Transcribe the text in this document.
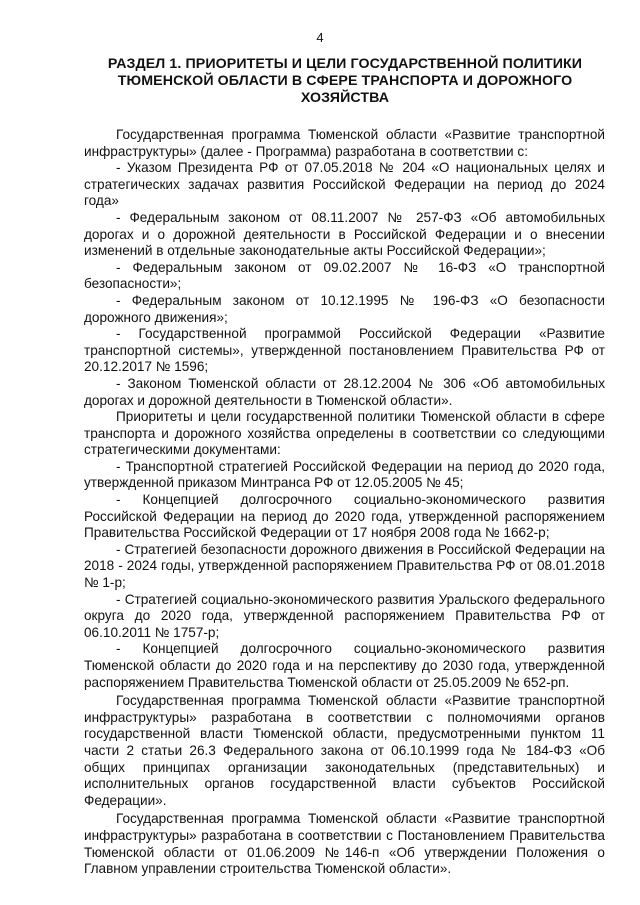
4
РАЗДЕЛ 1. ПРИОРИТЕТЫ И ЦЕЛИ ГОСУДАРСТВЕННОЙ ПОЛИТИКИ ТЮМЕНСКОЙ ОБЛАСТИ В СФЕРЕ ТРАНСПОРТА И ДОРОЖНОГО ХОЗЯЙСТВА

Государственная программа Тюменской области «Развитие транспортной инфраструктуры» (далее - Программа) разработана в соответствии с:

- Указом Президента РФ от 07.05.2018 № 204 «О национальных целях и стратегических задачах развития Российской Федерации на период до 2024 года»

- Федеральным законом от 08.11.2007 № 257-ФЗ «Об автомобильных дорогах и о дорожной деятельности в Российской Федерации и о внесении изменений в отдельные законодательные акты Российской Федерации»;

- Федеральным законом от 09.02.2007 № 16-ФЗ «О транспортной безопасности»;

- Федеральным законом от 10.12.1995 № 196-ФЗ «О безопасности дорожного движения»;

- Государственной программой Российской Федерации «Развитие транспортной системы», утвержденной постановлением Правительства РФ от 20.12.2017 № 1596;

- Законом Тюменской области от 28.12.2004 № 306 «Об автомобильных дорогах и дорожной деятельности в Тюменской области».

Приоритеты и цели государственной политики Тюменской области в сфере транспорта и дорожного хозяйства определены в соответствии со следующими стратегическими документами:

- Транспортной стратегией Российской Федерации на период до 2020 года, утвержденной приказом Минтранса РФ от 12.05.2005 № 45;

- Концепцией долгосрочного социально-экономического развития Российской Федерации на период до 2020 года, утвержденной распоряжением Правительства Российской Федерации от 17 ноября 2008 года № 1662-р;

- Стратегией безопасности дорожного движения в Российской Федерации на 2018 - 2024 годы, утвержденной распоряжением Правительства РФ от 08.01.2018 № 1-р;

- Стратегией социально-экономического развития Уральского федерального округа до 2020 года, утвержденной распоряжением Правительства РФ от 06.10.2011 № 1757-р;

- Концепцией долгосрочного социально-экономического развития Тюменской области до 2020 года и на перспективу до 2030 года, утвержденной распоряжением Правительства Тюменской области от 25.05.2009 № 652-рп.

Государственная программа Тюменской области «Развитие транспортной инфраструктуры» разработана в соответствии с полномочиями органов государственной власти Тюменской области, предусмотренными пунктом 11 части 2 статьи 26.3 Федерального закона от 06.10.1999 года № 184-ФЗ «Об общих принципах организации законодательных (представительных) и исполнительных органов государственной власти субъектов Российской Федерации».

Государственная программа Тюменской области «Развитие транспортной инфраструктуры» разработана в соответствии с Постановлением Правительства Тюменской области от 01.06.2009 №146-п «Об утверждении Положения о Главном управлении строительства Тюменской области».
